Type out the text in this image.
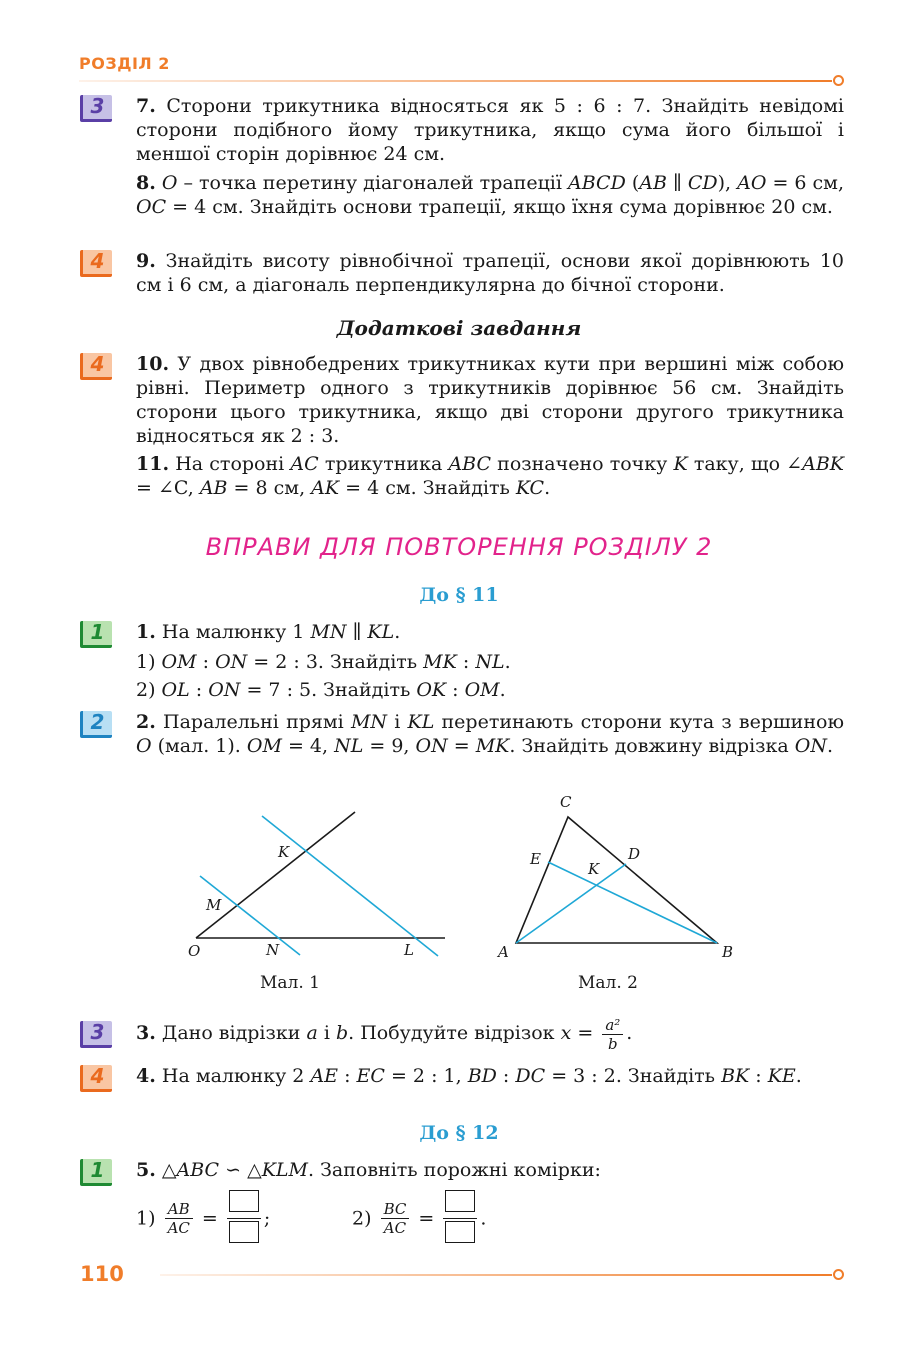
РОЗДІЛ 2
3	7. Сторони трикутника відносяться як 5 : 6 : 7. Знайдіть невідомі сторони подібного йому трикутника, якщо сума його більшої і меншої сторін дорівнює 24 см.

8. O – точка перетину діагоналей трапеції ABCD (AB ∥ CD), AO = 6 см, OC = 4 см. Знайдіть основи трапеції, якщо їхня сума дорівнює 20 см.

4	9. Знайдіть висоту рівнобічної трапеції, основи якої дорівнюють 10 см і 6 см, а діагональ перпендикулярна до бічної сторони.

Додаткові завдання
4	10. У двох рівнобедрених трикутниках кути при вершині між собою рівні. Периметр одного з трикутників дорівнює 56 см. Знайдіть сторони цього трикутника, якщо дві сторони другого трикутника відносяться як 2 : 3.

11. На стороні AC трикутника ABC позначено точку K таку, що ∠ABK = ∠C, AB = 8 см, AK = 4 см. Знайдіть KC.

ВПРАВИ ДЛЯ ПОВТОРЕННЯ РОЗДІЛУ 2
До § 11
1	1. На малюнку 1 MN ∥ KL.

1) OM : ON = 2 : 3. Знайдіть MK : NL.

2) OL : ON = 7 : 5. Знайдіть OK : OM.

2	2. Паралельні прямі MN і KL перетинають сторони кута з вершиною O (мал. 1). OM = 4, NL = 9, ON = MK. Знайдіть довжину відрізка ON.

O	N	L
M
K
A	B
C
D
E
K
Мал. 1	Мал. 2
3	3. Дано відрізки a і b. Побудуйте відрізок $x = \frac{\text{a²}}{b}$ .

4	4. На малюнку 2 AE : EC = 2 : 1, BD : DC = 3 : 2. Знайдіть BK : KE.

До § 12
1	5. △ABC ∽ △KLM. Заповніть порожні комірки:

$1) \frac{AB}{AC}$ = ;	$2) \frac{BC}{AC}$ = .
110
